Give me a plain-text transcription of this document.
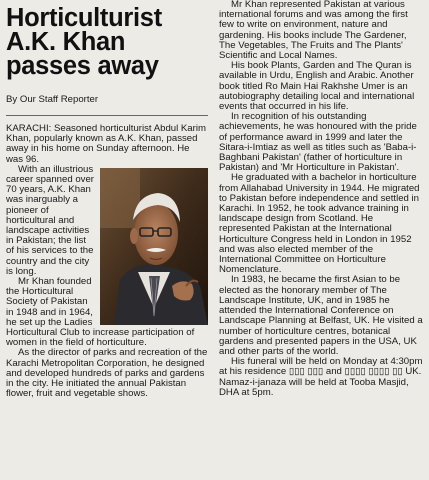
Horticulturist
A.K. Khan
passes away
By Our Staff Reporter

KARACHI: Seasoned horticulturist Abdul Karim Khan, popularly known as A.K. Khan, passed away in his home on Sunday afternoon. He was 96.

With an illustrious career spanned over 70 years, A.K. Khan was inarguably a pioneer of horticultural and landscape activities in Pakistan; the list of his services to the country and the city is long.

Mr Khan founded the Horticultural Society of Pakistan in 1948 and in 1964, he set up the Ladies Horticultural Club to increase participation of women in the field of horticulture.

As the director of parks and recreation of the Karachi Metropolitan Corporation, he designed and developed hundreds of parks and gardens in the city. He initiated the annual Pakistan flower, fruit and vegetable shows.

Mr Khan represented Pakistan at various international forums and was among the first few to write on environment, nature and gardening. His books include The Gardener, The Vegetables, The Fruits and The Plants' Scientific and Local Names.

His book Plants, Garden and The Quran is available in Urdu, English and Arabic. Another book titled Ro Main Hai Rakhshe Umer is an autobiography detailing local and international events that occurred in his life.

In recognition of his outstanding achievements, he was honoured with the pride of performance award in 1999 and later the Sitara-i-Imtiaz as well as titles such as 'Baba-i-Baghbani Pakistan' (father of horticulture in Pakistan) and 'Mr Horticulture in Pakistan'.

He graduated with a bachelor in horticulture from Allahabad University in 1944. He migrated to Pakistan before independence and settled in Karachi. In 1952, he took advance training in landscape design from Scotland. He represented Pakistan at the International Horticulture Congress held in London in 1952 and was also elected member of the International Committee on Horticulture Nomenclature.

In 1983, he became the first Asian to be elected as the honorary member of The Landscape Institute, UK, and in 1985 he attended the International Conference on Landscape Planning at Belfast, UK. He visited a number of horticulture centres, botanical gardens and presented papers in the USA, UK and other parts of the world.

His funeral will be held on Monday at 4:30pm at his residence ▯▯▯ ▯▯▯ and ▯▯▯▯ ▯▯▯▯ ▯▯ UK. Namaz-i-janaza will be held at Tooba Masjid, DHA at 5pm.
